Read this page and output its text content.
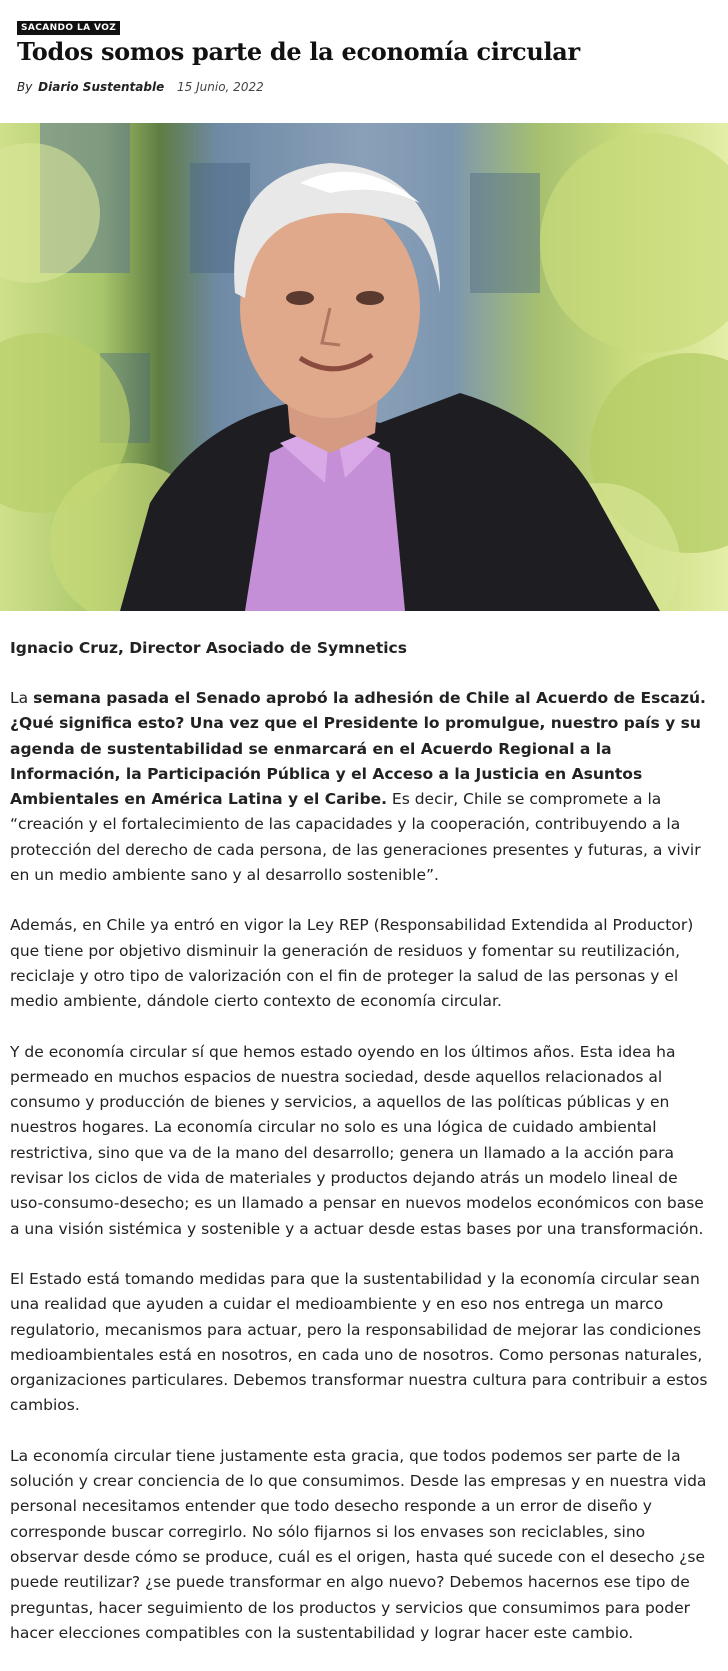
SACANDO LA VOZ
Todos somos parte de la economía circular
By Diario Sustentable 15 Junio, 2022
Ignacio Cruz, Director Asociado de Symnetics

La semana pasada el Senado aprobó la adhesión de Chile al Acuerdo de Escazú. ¿Qué significa esto? Una vez que el Presidente lo promulgue, nuestro país y su agenda de sustentabilidad se enmarcará en el Acuerdo Regional a la Información, la Participación Pública y el Acceso a la Justicia en Asuntos Ambientales en América Latina y el Caribe. Es decir, Chile se compromete a la “creación y el fortalecimiento de las capacidades y la cooperación, contribuyendo a la protección del derecho de cada persona, de las generaciones presentes y futuras, a vivir en un medio ambiente sano y al desarrollo sostenible”.

Además, en Chile ya entró en vigor la Ley REP (Responsabilidad Extendida al Productor) que tiene por objetivo disminuir la generación de residuos y fomentar su reutilización, reciclaje y otro tipo de valorización con el fin de proteger la salud de las personas y el medio ambiente, dándole cierto contexto de economía circular.

Y de economía circular sí que hemos estado oyendo en los últimos años. Esta idea ha permeado en muchos espacios de nuestra sociedad, desde aquellos relacionados al consumo y producción de bienes y servicios, a aquellos de las políticas públicas y en nuestros hogares. La economía circular no solo es una lógica de cuidado ambiental restrictiva, sino que va de la mano del desarrollo; genera un llamado a la acción para revisar los ciclos de vida de materiales y productos dejando atrás un modelo lineal de uso-consumo-desecho; es un llamado a pensar en nuevos modelos económicos con base a una visión sistémica y sostenible y a actuar desde estas bases por una transformación.

El Estado está tomando medidas para que la sustentabilidad y la economía circular sean una realidad que ayuden a cuidar el medioambiente y en eso nos entrega un marco regulatorio, mecanismos para actuar, pero la responsabilidad de mejorar las condiciones medioambientales está en nosotros, en cada uno de nosotros. Como personas naturales, organizaciones particulares. Debemos transformar nuestra cultura para contribuir a estos cambios.

La economía circular tiene justamente esta gracia, que todos podemos ser parte de la solución y crear conciencia de lo que consumimos. Desde las empresas y en nuestra vida personal necesitamos entender que todo desecho responde a un error de diseño y corresponde buscar corregirlo. No sólo fijarnos si los envases son reciclables, sino observar desde cómo se produce, cuál es el origen, hasta qué sucede con el desecho ¿se puede reutilizar? ¿se puede transformar en algo nuevo? Debemos hacernos ese tipo de preguntas, hacer seguimiento de los productos y servicios que consumimos para poder hacer elecciones compatibles con la sustentabilidad y lograr hacer este cambio.
